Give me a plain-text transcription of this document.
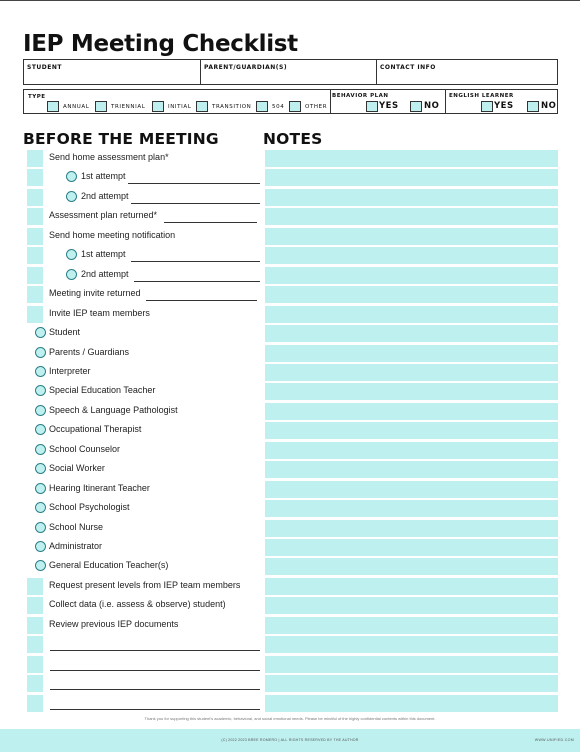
IEP Meeting Checklist
STUDENT	PARENT/GUARDIAN(S)	CONTACT INFO
TYPE
ANNUAL	TRIENNIAL	INITIAL	TRANSITION	504	OTHER
BEHAVIOR PLAN
YES	NO
ENGLISH LEARNER
YES	NO
BEFORE THE MEETING	NOTES
Send home assessment plan*
1st attempt
2nd attempt
Assessment plan returned*
Send home meeting notification
1st attempt
2nd attempt
Meeting invite returned
Invite IEP team members
Student
Parents / Guardians
Interpreter
Special Education Teacher
Speech & Language Pathologist
Occupational Therapist
School Counselor
Social Worker
Hearing Itinerant Teacher
School Psychologist
School Nurse
Administrator
General Education Teacher(s)
Request present levels from IEP team members
Collect data (i.e. assess & observe) student)
Review previous IEP documents
Thank you for supporting this student's academic, behavioral, and social emotional needs. Please be mindful of the highly confidential contents within this document.
(C) 2022 2023 BREE ROMERO | ALL RIGHTS RESERVED BY THE AUTHOR	WWW.UNIFIED.COM
